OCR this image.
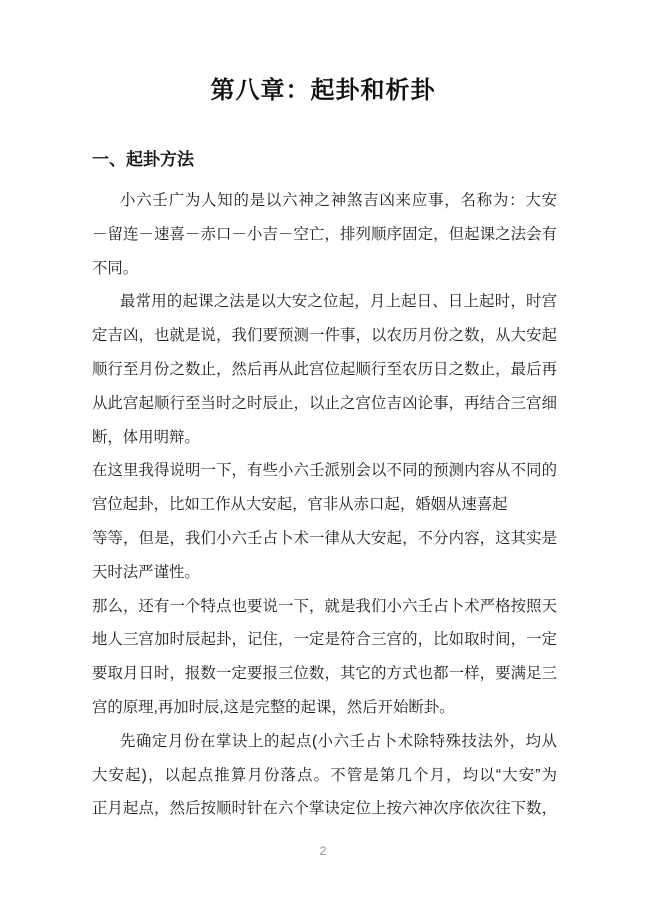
第八章：起卦和析卦
一、起卦方法
小六壬广为人知的是以六神之神煞吉凶来应事，名称为：大安
－留连－速喜－赤口－小吉－空亡，排列顺序固定，但起课之法会有
不同。
最常用的起课之法是以大安之位起，月上起日、日上起时，时宫
定吉凶，也就是说，我们要预测一件事，以农历月份之数，从大安起
顺行至月份之数止，然后再从此宫位起顺行至农历日之数止，最后再
从此宫起顺行至当时之时辰止，以止之宫位吉凶论事，再结合三宫细
断，体用明辩。
在这里我得说明一下，有些小六壬派别会以不同的预测内容从不同的
宫位起卦，比如工作从大安起，官非从赤口起，婚姻从速喜起
等等，但是，我们小六壬占卜术一律从大安起，不分内容，这其实是
天时法严谨性。
那么，还有一个特点也要说一下，就是我们小六壬占卜术严格按照天
地人三宫加时辰起卦，记住，一定是符合三宫的，比如取时间，一定
要取月日时，报数一定要报三位数，其它的方式也都一样，要满足三
宫的原理,再加时辰,这是完整的起课，然后开始断卦。
先确定月份在掌诀上的起点(小六壬占卜术除特殊技法外，均从
大安起)，以起点推算月份落点。不管是第几个月，均以“大安”为
正月起点，然后按顺时针在六个掌诀定位上按六神次序依次往下数，
2
